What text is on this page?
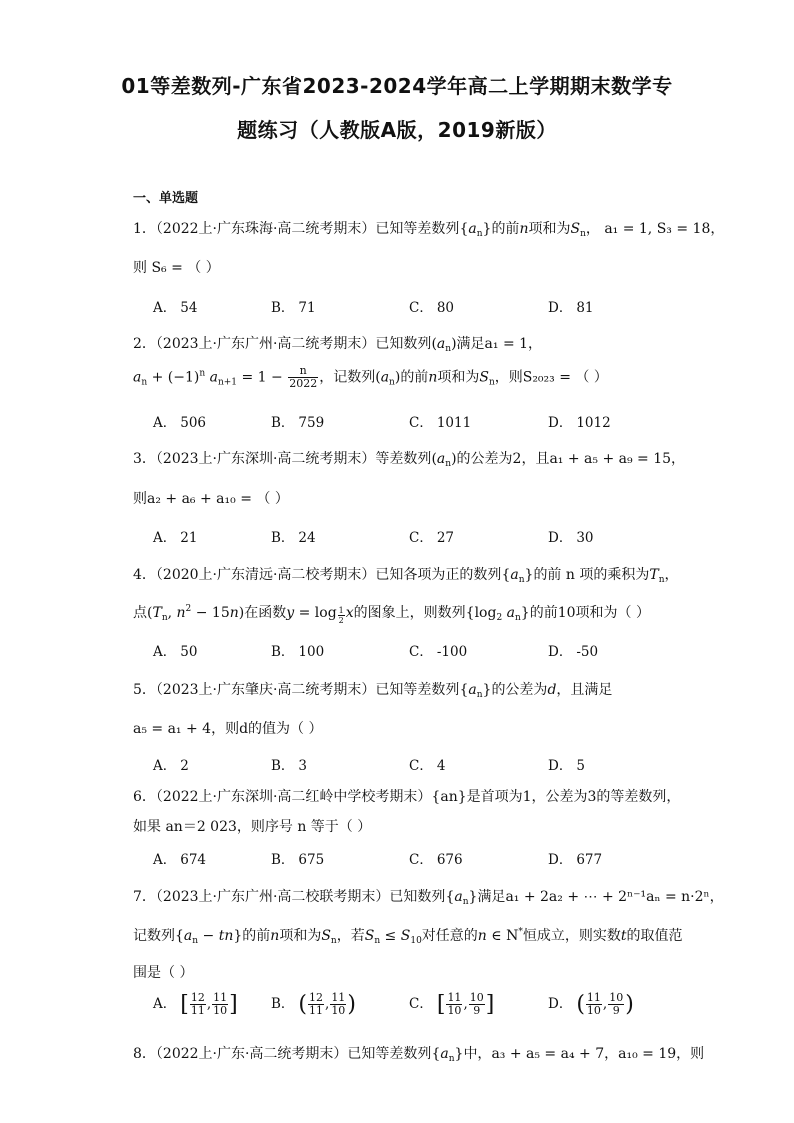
01等差数列-广东省2023-2024学年高二上学期期末数学专
题练习（人教版A版，2019新版）
一、单选题
1．（2022上·广东珠海·高二统考期末）已知等差数列$\{a_n\}$的前n项和为$S_n$， a₁ = 1, S₃ = 18，
则 S₆ = （ ）
A． 54	B． 71	C． 80	D． 81
2．（2023上·广东广州·高二统考期末）已知数列$(a_n)$满足a₁ = 1，
$a_n + (-1)^n$ $a_{n+1} = 1 - \frac{n}{2022}$ ，记数列$(a_n)$的前n项和为$S_n$，则S₂₀₂₃ = （ ）
A． 506	B． 759	C． 1011	D． 1012
3．（2023上·广东深圳·高二统考期末）等差数列$(a_n)$的公差为2，且a₁ + a₅ + a₉ = 15，
则a₂ + a₆ + a₁₀ = （ ）
A． 21	B． 24	C． 27	D． 30
4．（2020上·广东清远·高二校考期末）已知各项为正的数列$\{a_n\}$的前 n 项的乘积为$T_n$，
点($T_n$, $n^2 - 15n$)在函数$y = \log \frac{1}{2}$ x的图象上，则数列{$\log_2$ $a_n$}的前10项和为（ ）
A． 50	B． 100	C． -100	D． -50
5．（2023上·广东肇庆·高二统考期末）已知等差数列$\{a_n\}$的公差为d，且满足
a₅ = a₁ + 4，则d的值为（ ）
A． 2	B． 3	C． 4	D． 5
6．（2022上·广东深圳·高二红岭中学校考期末）{an}是首项为1，公差为3的等差数列，
如果 an＝2 023，则序号 n 等于（ ）
A． 674	B． 675	C． 676	D． 677
7．（2023上·广东广州·高二校联考期末）已知数列$\{a_n\}$满足a₁ + 2a₂ + ⋯ + 2ⁿ⁻¹aₙ = n·2ⁿ，
记数列$\{a_n - tn\}$的前n项和为$S_n$，若$S_n \le S_{10}$对任意的n ∈ N*恒成立，则实数t的取值范
围是（ ）
A． [ $\frac{12}{11}$ , $\frac{11}{10}$ ] B． ( $\frac{12}{11}$ , $\frac{11}{10}$ )	C． [ $\frac{11}{10}$ , $\frac{10}{9}$ ]	D． ( $\frac{11}{10}$ , $\frac{10}{9}$ )
8．（2022上·广东·高二统考期末）已知等差数列$\{a_n\}$中，a₃ + a₅ = a₄ + 7，a₁₀ = 19，则
